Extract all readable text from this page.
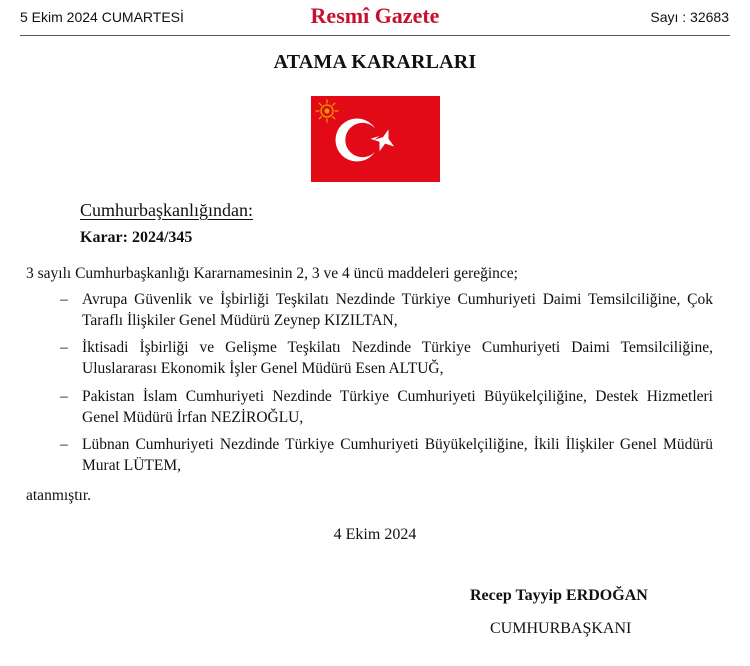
5 Ekim 2024 CUMARTESİ	Resmî Gazete	Sayı : 32683
ATAMA KARARLARI
Cumhurbaşkanlığından:
Karar: 2024/345
3 sayılı Cumhurbaşkanlığı Kararnamesinin 2, 3 ve 4 üncü maddeleri gereğince;
– Avrupa Güvenlik ve İşbirliği Teşkilatı Nezdinde Türkiye Cumhuriyeti Daimi Temsilciliğine, Çok Taraflı İlişkiler Genel Müdürü Zeynep KIZILTAN,
– İktisadi İşbirliği ve Gelişme Teşkilatı Nezdinde Türkiye Cumhuriyeti Daimi Temsilciliğine, Uluslararası Ekonomik İşler Genel Müdürü Esen ALTUĞ,
– Pakistan İslam Cumhuriyeti Nezdinde Türkiye Cumhuriyeti Büyükelçiliğine, Destek Hizmetleri Genel Müdürü İrfan NEZİROĞLU,
– Lübnan Cumhuriyeti Nezdinde Türkiye Cumhuriyeti Büyükelçiliğine, İkili İlişkiler Genel Müdürü Murat LÜTEM,
atanmıştır.
4 Ekim 2024
Recep Tayyip ERDOĞAN
CUMHURBAŞKANI
